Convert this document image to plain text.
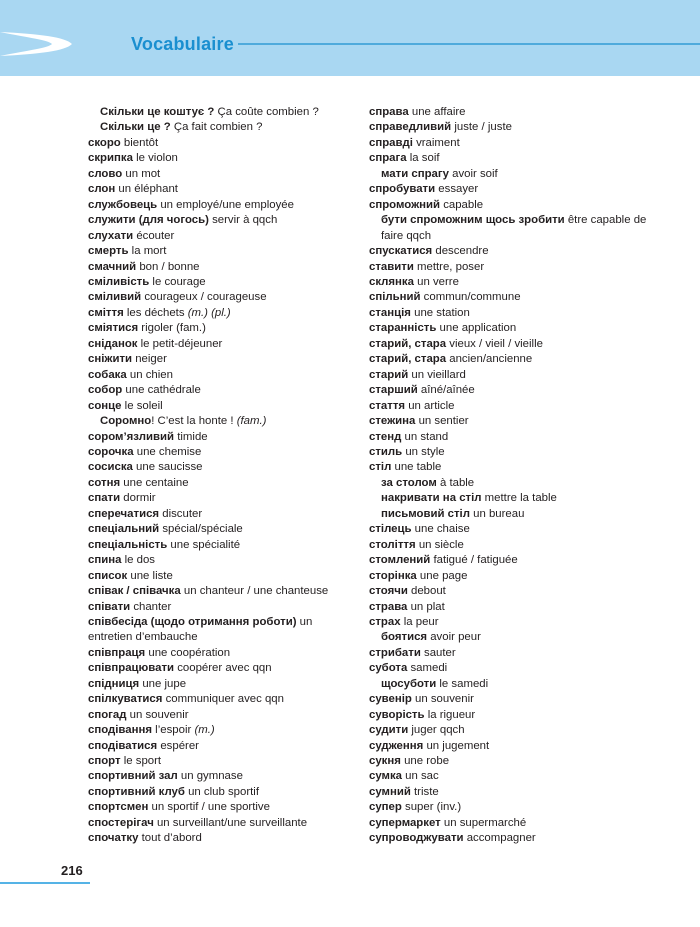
Vocabulaire
Скільки це коштує ? Ça coûte combien ?
Скільки це ? Ça fait combien ?
скоро bientôt
скрипка le violon
слово un mot
слон un éléphant
службовець un employé/une employée
служити (для чогось) servir à qqch
слухати écouter
смерть la mort
смачний bon / bonne
сміливість le courage
сміливий courageux / courageuse
сміття les déchets (m.) (pl.)
сміятися rigoler (fam.)
сніданок le petit-déjeuner
сніжити neiger
собака un chien
собор une cathédrale
сонце le soleil
Соромно! C’est la honte ! (fam.)
сором’язливий timide
сорочка une chemise
сосиска une saucisse
сотня une centaine
спати dormir
сперечатися discuter
спеціальний spécial/spéciale
спеціальність une spécialité
спина le dos
список une liste
співак / співачка un chanteur / une chanteuse
співати chanter
співбесіда (щодо отримання роботи) un entretien d’embauche
співпраця une coopération
співпрацювати coopérer avec qqn
спідниця une jupe
спілкуватися communiquer avec qqn
спогад un souvenir
сподівання l’espoir (m.)
сподіватися espérer
спорт le sport
спортивний зал un gymnase
спортивний клуб un club sportif
спортсмен un sportif / une sportive
спостерігач un surveillant/une surveillante
спочатку tout d’abord
справа une affaire
справедливий juste / juste
справді vraiment
спрага la soif
мати спрагу avoir soif
спробувати essayer
спроможний capable
бути спроможним щось зробити être capable de faire qqch
спускатися descendre
ставити mettre, poser
склянка un verre
спільний commun/commune
станція une station
старанність une application
старий, стара vieux / vieil / vieille
старий, стара ancien/ancienne
старий un vieillard
старший aîné/aînée
стаття un article
стежина un sentier
стенд un stand
стиль un style
стіл une table
за столом à table
накривати на стіл mettre la table
письмовий стіл un bureau
стілець une chaise
століття un siècle
стомлений fatigué / fatiguée
сторінка une page
стоячи debout
страва un plat
страх la peur
боятися avoir peur
стрибати sauter
субота samedi
щосуботи le samedi
сувенір un souvenir
суворість la rigueur
судити juger qqch
судження un jugement
сукня une robe
сумка un sac
сумний triste
супер super (inv.)
супермаркет un supermarché
супроводжувати accompagner
216
